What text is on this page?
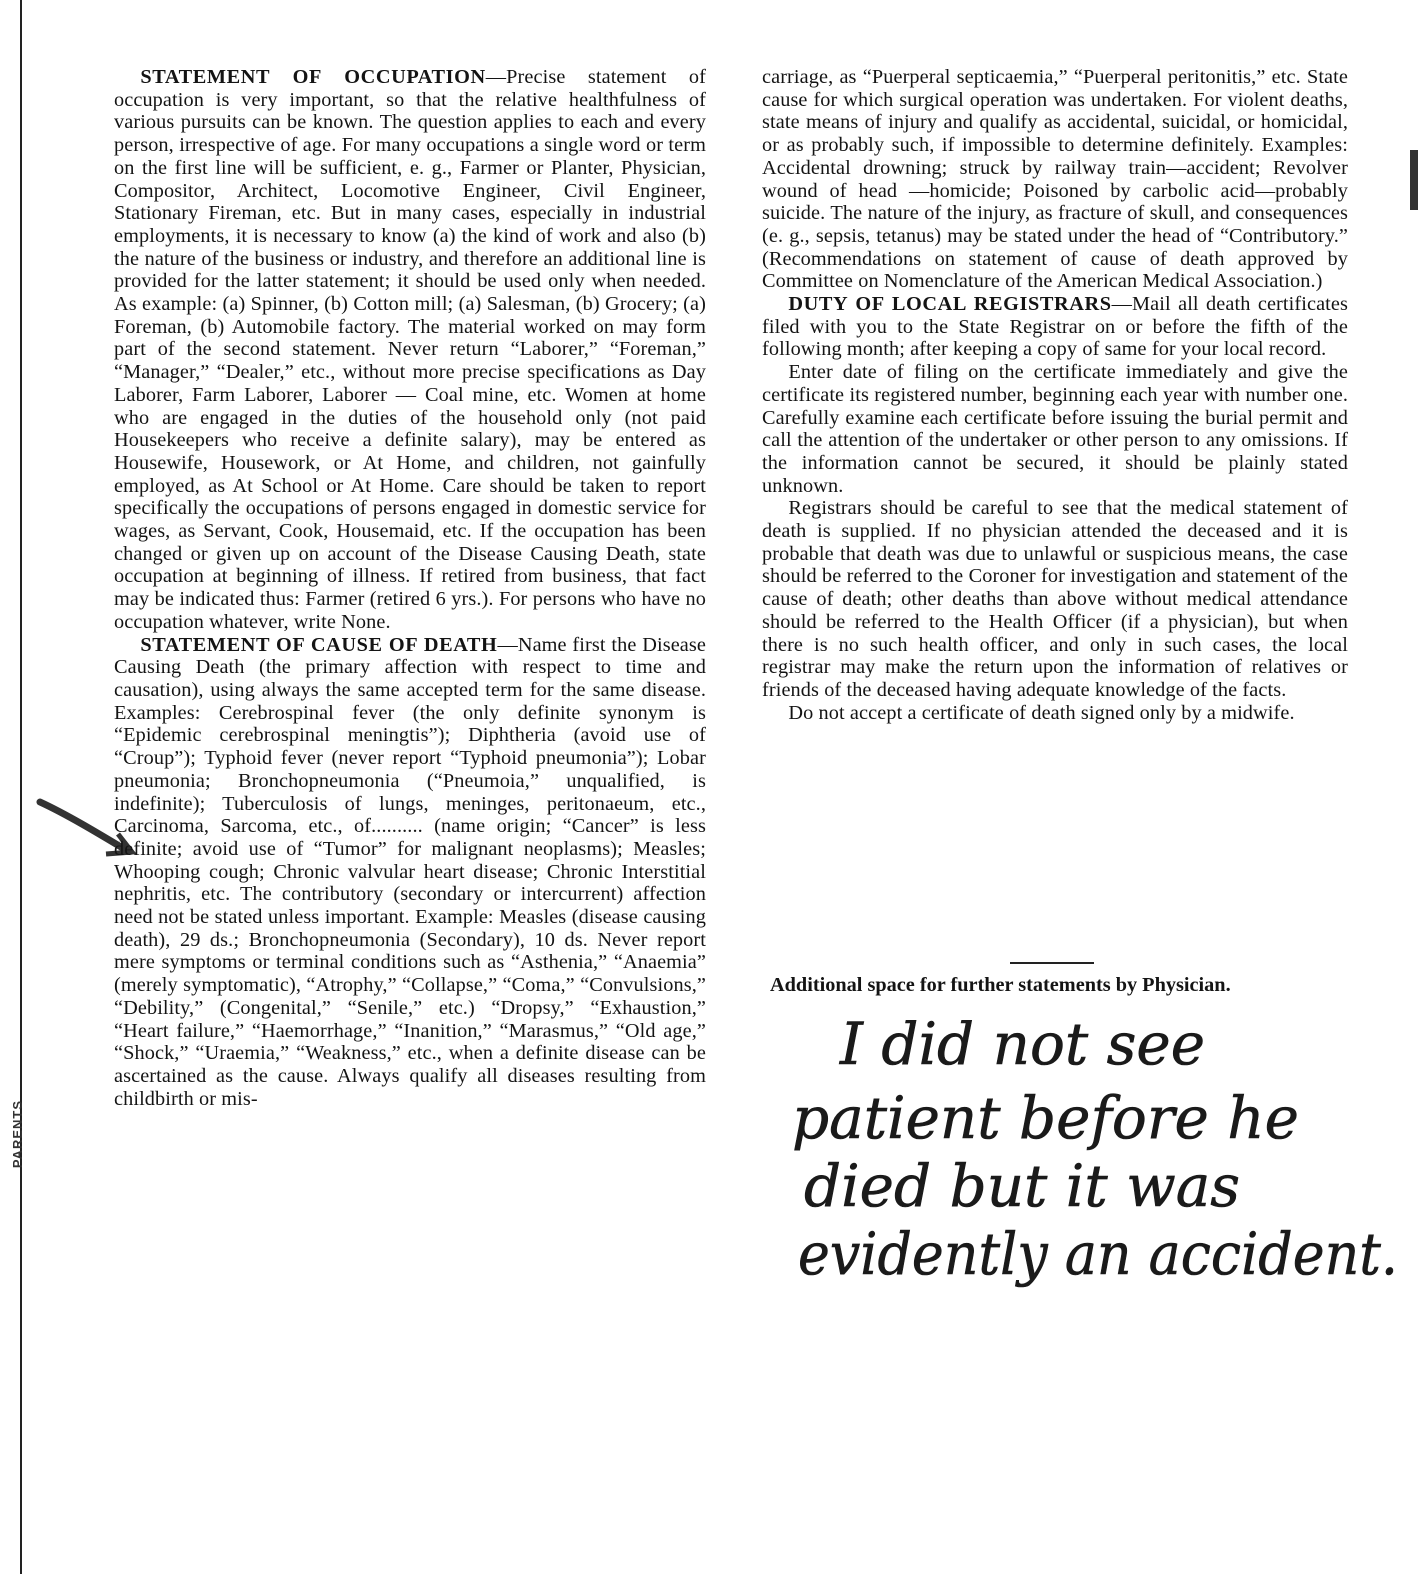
PARENTS

STATEMENT OF OCCUPATION—Precise statement of occupation is very important, so that the relative healthfulness of various pursuits can be known. The question applies to each and every person, irrespective of age. For many occupations a single word or term on the first line will be sufficient, e. g., Farmer or Planter, Physician, Compositor, Architect, Locomotive Engineer, Civil Engineer, Stationary Fireman, etc. But in many cases, especially in industrial employments, it is necessary to know (a) the kind of work and also (b) the nature of the business or industry, and therefore an additional line is provided for the latter statement; it should be used only when needed. As example: (a) Spinner, (b) Cotton mill; (a) Salesman, (b) Grocery; (a) Foreman, (b) Automobile factory. The material worked on may form part of the second statement. Never return “Laborer,” “Foreman,” “Manager,” “Dealer,” etc., without more precise specifications as Day Laborer, Farm Laborer, Laborer — Coal mine, etc. Women at home who are engaged in the duties of the household only (not paid Housekeepers who receive a definite salary), may be entered as Housewife, Housework, or At Home, and children, not gainfully employed, as At School or At Home. Care should be taken to report specifically the occupations of persons engaged in domestic service for wages, as Servant, Cook, Housemaid, etc. If the occupation has been changed or given up on account of the Disease Causing Death, state occupation at beginning of illness. If retired from business, that fact may be indicated thus: Farmer (retired 6 yrs.). For persons who have no occupation whatever, write None.

STATEMENT OF CAUSE OF DEATH—Name first the Disease Causing Death (the primary affection with respect to time and causation), using always the same accepted term for the same disease. Examples: Cerebrospinal fever (the only definite synonym is “Epidemic cerebrospinal meningtis”); Diphtheria (avoid use of “Croup”); Typhoid fever (never report “Typhoid pneumonia”); Lobar pneumonia; Bronchopneumonia (“Pneumoia,” unqualified, is indefinite); Tuberculosis of lungs, meninges, peritonaeum, etc., Carcinoma, Sarcoma, etc., of.......... (name origin; “Cancer” is less definite; avoid use of “Tumor” for malignant neoplasms); Measles; Whooping cough; Chronic valvular heart disease; Chronic Interstitial nephritis, etc. The contributory (secondary or intercurrent) affection need not be stated unless important. Example: Measles (disease causing death), 29 ds.; Bronchopneumonia (Secondary), 10 ds. Never report mere symptoms or terminal conditions such as “Asthenia,” “Anaemia” (merely symptomatic), “Atrophy,” “Collapse,” “Coma,” “Convulsions,” “Debility,” (Congenital,” “Senile,” etc.) “Dropsy,” “Exhaustion,” “Heart failure,” “Haemorrhage,” “Inanition,” “Marasmus,” “Old age,” “Shock,” “Uraemia,” “Weakness,” etc., when a definite disease can be ascertained as the cause. Always qualify all diseases resulting from childbirth or mis-

carriage, as “Puerperal septicaemia,” “Puerperal peritonitis,” etc. State cause for which surgical operation was undertaken. For violent deaths, state means of injury and qualify as accidental, suicidal, or homicidal, or as probably such, if impossible to determine definitely. Examples: Accidental drowning; struck by railway train—accident; Revolver wound of head —homicide; Poisoned by carbolic acid—probably suicide. The nature of the injury, as fracture of skull, and consequences (e. g., sepsis, tetanus) may be stated under the head of “Contributory.” (Recommendations on statement of cause of death approved by Committee on Nomenclature of the American Medical Association.)

DUTY OF LOCAL REGISTRARS—Mail all death certificates filed with you to the State Registrar on or before the fifth of the following month; after keeping a copy of same for your local record.

Enter date of filing on the certificate immediately and give the certificate its registered number, beginning each year with number one. Carefully examine each certificate before issuing the burial permit and call the attention of the undertaker or other person to any omissions. If the information cannot be secured, it should be plainly stated unknown.

Registrars should be careful to see that the medical statement of death is supplied. If no physician attended the deceased and it is probable that death was due to unlawful or suspicious means, the case should be referred to the Coroner for investigation and statement of the cause of death; other deaths than above without medical attendance should be referred to the Health Officer (if a physician), but when there is no such health officer, and only in such cases, the local registrar may make the return upon the information of relatives or friends of the deceased having adequate knowledge of the facts.

Do not accept a certificate of death signed only by a midwife.

Additional space for further statements by Physician.
I did not see
patient before he
died but it was
evidently an accident.
